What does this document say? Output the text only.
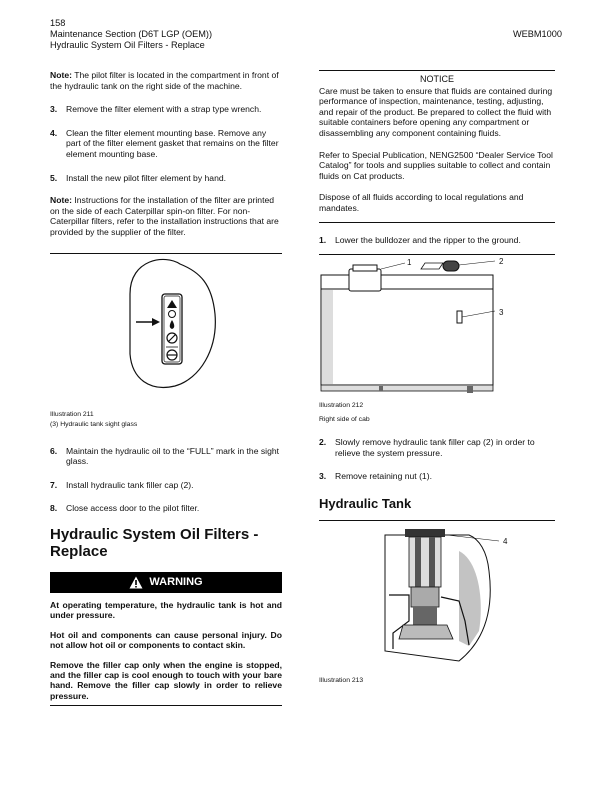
158
Maintenance Section (D6T LGP (OEM))
Hydraulic System Oil Filters - Replace
WEBM1000

Note: The pilot filter is located in the compartment in front of the hydraulic tank on the right side of the machine.

3. Remove the filter element with a strap type wrench.
4. Clean the filter element mounting base. Remove any part of the filter element gasket that remains on the filter element mounting base.
5. Install the new pilot filter element by hand.

Note: Instructions for the installation of the filter are printed on the side of each Caterpillar spin-on filter. For non-Caterpillar filters, refer to the installation instructions that are provided by the supplier of the filter.

Illustration 211
(3) Hydraulic tank sight glass
6. Maintain the hydraulic oil to the “FULL” mark in the sight glass.
7. Install hydraulic tank filler cap (2).
8. Close access door to the pilot filter.
Hydraulic System Oil Filters - Replace
WARNING

At operating temperature, the hydraulic tank is hot and under pressure.

Hot oil and components can cause personal injury. Do not allow hot oil or components to contact skin.

Remove the filler cap only when the engine is stopped, and the filler cap is cool enough to touch with your bare hand. Remove the filler cap slowly in order to relieve pressure.

NOTICE

Care must be taken to ensure that fluids are contained during performance of inspection, maintenance, testing, adjusting, and repair of the product. Be prepared to collect the fluid with suitable containers before opening any compartment or disassembling any component containing fluids.

Refer to Special Publication, NENG2500 “Dealer Service Tool Catalog” for tools and supplies suitable to collect and contain fluids on Cat products.

Dispose of all fluids according to local regulations and mandates.

1. Lower the bulldozer and the ripper to the ground.
1	2
3
Illustration 212
Right side of cab
2. Slowly remove hydraulic tank filler cap (2) in order to relieve the system pressure.
3. Remove retaining nut (1).
Hydraulic Tank
4
Illustration 213
